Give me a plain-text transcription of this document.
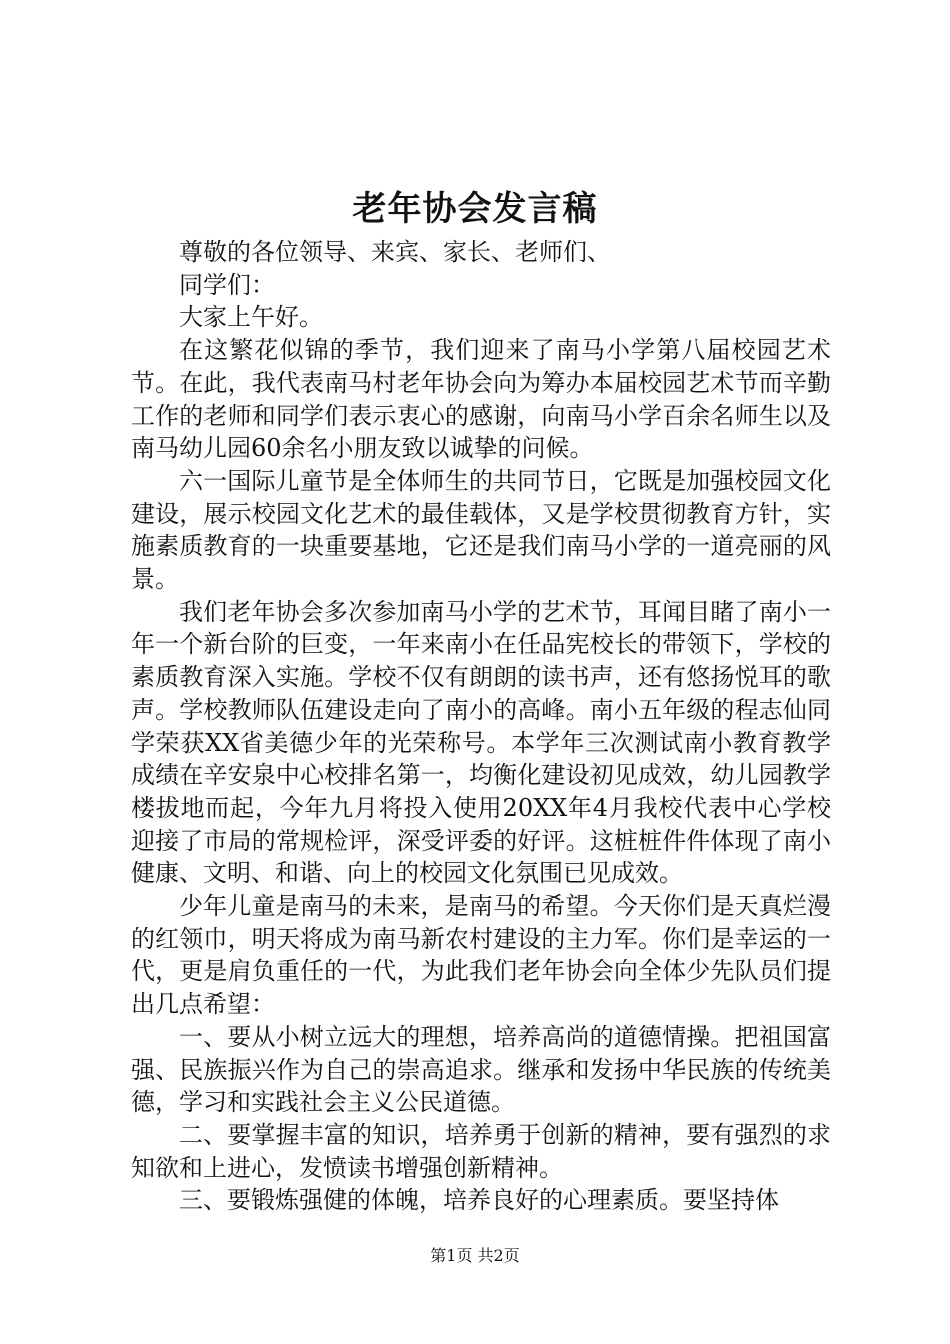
老年协会发言稿

尊敬的各位领导、来宾、家长、老师们、

同学们：

大家上午好。

在这繁花似锦的季节，我们迎来了南马小学第八届校园艺术节。在此，我代表南马村老年协会向为筹办本届校园艺术节而辛勤工作的老师和同学们表示衷心的感谢，向南马小学百余名师生以及南马幼儿园60余名小朋友致以诚挚的问候。

六一国际儿童节是全体师生的共同节日，它既是加强校园文化建设，展示校园文化艺术的最佳载体，又是学校贯彻教育方针，实施素质教育的一块重要基地，它还是我们南马小学的一道亮丽的风景。

我们老年协会多次参加南马小学的艺术节，耳闻目睹了南小一年一个新台阶的巨变，一年来南小在任品宪校长的带领下，学校的素质教育深入实施。学校不仅有朗朗的读书声，还有悠扬悦耳的歌声。学校教师队伍建设走向了南小的高峰。南小五年级的程志仙同学荣获XX省美德少年的光荣称号。本学年三次测试南小教育教学成绩在辛安泉中心校排名第一，均衡化建设初见成效，幼儿园教学楼拔地而起，今年九月将投入使用20XX年4月我校代表中心学校迎接了市局的常规检评，深受评委的好评。这桩桩件件体现了南小健康、文明、和谐、向上的校园文化氛围已见成效。

少年儿童是南马的未来，是南马的希望。今天你们是天真烂漫的红领巾，明天将成为南马新农村建设的主力军。你们是幸运的一代，更是肩负重任的一代，为此我们老年协会向全体少先队员们提出几点希望：

一、要从小树立远大的理想，培养高尚的道德情操。把祖国富强、民族振兴作为自己的崇高追求。继承和发扬中华民族的传统美德，学习和实践社会主义公民道德。

二、要掌握丰富的知识，培养勇于创新的精神，要有强烈的求知欲和上进心，发愤读书增强创新精神。

三、要锻炼强健的体魄，培养良好的心理素质。要坚持体

第1页 共2页
